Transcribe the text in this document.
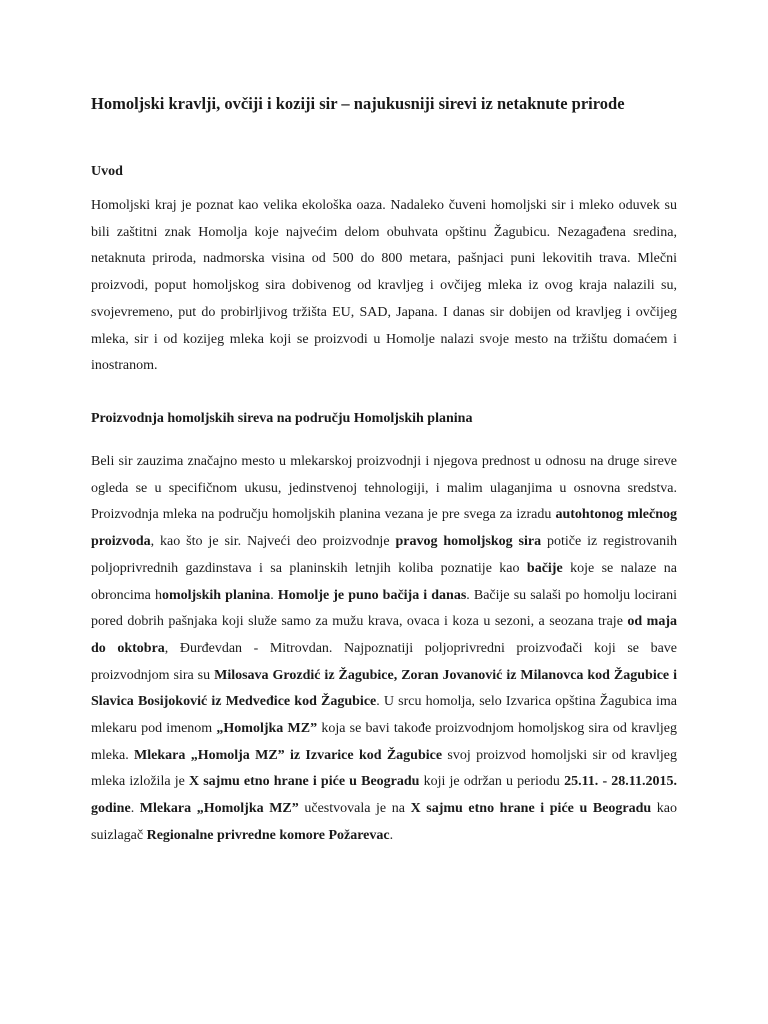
Homoljski kravlji, ovčiji i koziji sir – najukusniji sirevi iz netaknute prirode
Uvod

Homoljski kraj je poznat kao velika ekološka oaza. Nadaleko čuveni homoljski sir i mleko oduvek su bili zaštitni znak Homolja koje najvećim delom obuhvata opštinu Žagubicu. Nezagađena sredina, netaknuta priroda, nadmorska visina od 500 do 800 metara, pašnjaci puni lekovitih trava. Mlečni proizvodi, poput homoljskog sira dobivenog od kravljeg i ovčijeg mleka iz ovog kraja nalazili su, svojevremeno, put do probirljivog tržišta EU, SAD, Japana. I danas sir dobijen od kravljeg i ovčijeg mleka, sir i od kozijeg mleka koji se proizvodi u Homolje nalazi svoje mesto na tržištu domaćem i inostranom.

Proizvodnja homoljskih sireva na području Homoljskih planina

Beli sir zauzima značajno mesto u mlekarskoj proizvodnji i njegova prednost u odnosu na druge sireve ogleda se u specifičnom ukusu, jedinstvenoj tehnologiji, i malim ulaganjima u osnovna sredstva. Proizvodnja mleka na području homoljskih planina vezana je pre svega za izradu autohtonog mlečnog proizvoda, kao što je sir. Najveći deo proizvodnje pravog homoljskog sira potiče iz registrovanih poljoprivrednih gazdinstava i sa planinskih letnjih koliba poznatije kao bačije koje se nalaze na obroncima homoljskih planina. Homolje je puno bačija i danas. Bačije su salaši po homolju locirani pored dobrih pašnjaka koji služe samo za mužu krava, ovaca i koza u sezoni, a seozana traje od maja do oktobra, Đurđevdan - Mitrovdan. Najpoznatiji poljoprivredni proizvođači koji se bave proizvodnjom sira su Milosava Grozdić iz Žagubice, Zoran Jovanović iz Milanovca kod Žagubice i Slavica Bosijoković iz Medveđice kod Žagubice. U srcu homolja, selo Izvarica opština Žagubica ima mlekaru pod imenom „Homoljka MZ” koja se bavi takođe proizvodnjom homoljskog sira od kravljeg mleka. Mlekara „Homolja MZ” iz Izvarice kod Žagubice svoj proizvod homoljski sir od kravljeg mleka izložila je X sajmu etno hrane i piće u Beogradu koji je održan u periodu 25.11. - 28.11.2015. godine. Mlekara „Homoljka MZ” učestvovala je na X sajmu etno hrane i piće u Beogradu kao suizlagač Regionalne privredne komore Požarevac.
